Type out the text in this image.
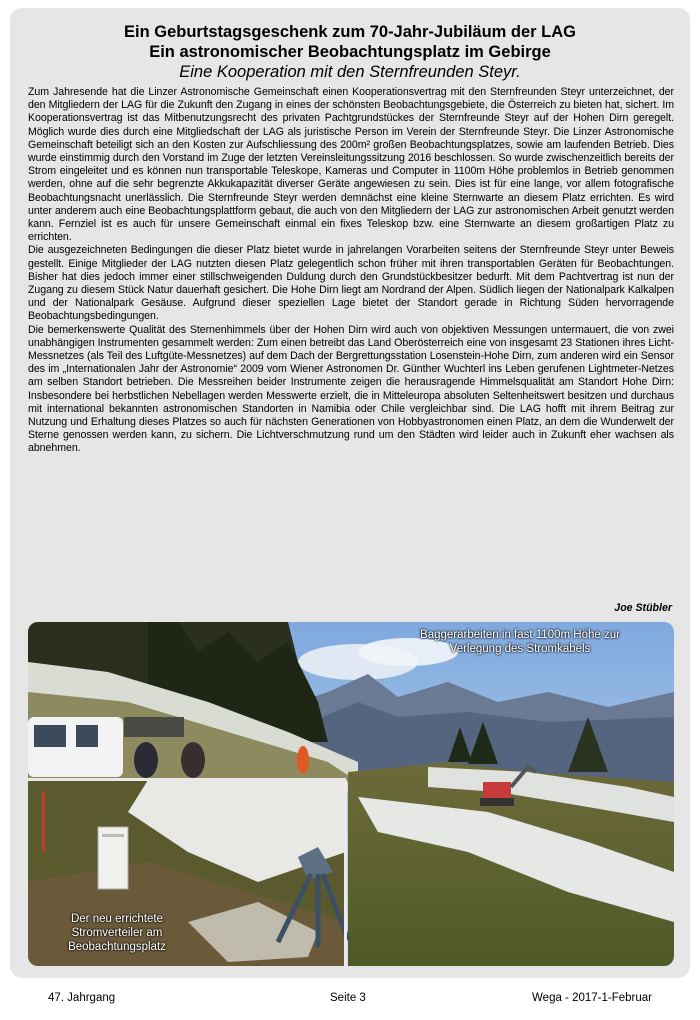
Ein Geburtstagsgeschenk zum 70-Jahr-Jubiläum der LAG
Ein astronomischer Beobachtungsplatz im Gebirge
Eine Kooperation mit den Sternfreunden Steyr.

Zum Jahresende hat die Linzer Astronomische Gemeinschaft einen Kooperationsvertrag mit den Sternfreunden Steyr unterzeichnet, der den Mitgliedern der LAG für die Zukunft den Zugang in eines der schönsten Beobachtungsgebiete, die Österreich zu bieten hat, sichert. Im Kooperationsvertrag ist das Mitbenutzungsrecht des privaten Pachtgrundstückes der Sternfreunde Steyr auf der Hohen Dirn geregelt. Möglich wurde dies durch eine Mitgliedschaft der LAG als juristische Person im Verein der Sternfreunde Steyr. Die Linzer Astronomische Gemeinschaft beteiligt sich an den Kosten zur Aufschliessung des 200m² großen Beobachtungsplatzes, sowie am laufenden Betrieb. Dies wurde einstimmig durch den Vorstand im Zuge der letzten Vereinsleitungssitzung 2016 beschlossen. So wurde zwischenzeitlich bereits der Strom eingeleitet und es können nun transportable Teleskope, Kameras und Computer in 1100m Höhe problemlos in Betrieb genommen werden, ohne auf die sehr begrenzte Akkukapazität diverser Geräte angewiesen zu sein. Dies ist für eine lange, vor allem fotografische Beobachtungsnacht unerlässlich. Die Sternfreunde Steyr werden demnächst eine kleine Sternwarte an diesem Platz errichten. Es wird unter anderem auch eine Beobachtungsplattform gebaut, die auch von den Mitgliedern der LAG zur astronomischen Arbeit genutzt werden kann. Fernziel ist es auch für unsere Gemeinschaft einmal ein fixes Teleskop bzw. eine Sternwarte an diesem großartigen Platz zu errichten.

Die ausgezeichneten Bedingungen die dieser Platz bietet wurde in jahrelangen Vorarbeiten seitens der Sternfreunde Steyr unter Beweis gestellt. Einige Mitglieder der LAG nutzten diesen Platz gelegentlich schon früher mit ihren transportablen Geräten für Beobachtungen. Bisher hat dies jedoch immer einer stillschweigenden Duldung durch den Grundstückbesitzer bedurft. Mit dem Pachtvertrag ist nun der Zugang zu diesem Stück Natur dauerhaft gesichert. Die Hohe Dirn liegt am Nordrand der Alpen. Südlich liegen der Nationalpark Kalkalpen und der Nationalpark Gesäuse. Aufgrund dieser speziellen Lage bietet der Standort gerade in Richtung Süden hervorragende Beobachtungsbedingungen.

Die bemerkenswerte Qualität des Sternenhimmels über der Hohen Dirn wird auch von objektiven Messungen untermauert, die von zwei unabhängigen Instrumenten gesammelt werden: Zum einen betreibt das Land Oberösterreich eine von insgesamt 23 Stationen ihres Licht-Messnetzes (als Teil des Luftgüte-Messnetzes) auf dem Dach der Bergrettungsstation Losenstein-Hohe Dirn, zum anderen wird ein Sensor des im „Internationalen Jahr der Astronomie“ 2009 vom Wiener Astronomen Dr. Günther Wuchterl ins Leben gerufenen Lightmeter-Netzes am selben Standort betrieben. Die Messreihen beider Instrumente zeigen die herausragende Himmelsqualität am Standort Hohe Dirn: Insbesondere bei herbstlichen Nebellagen werden Messwerte erzielt, die in Mitteleuropa absoluten Seltenheitswert besitzen und durchaus mit international bekannten astronomischen Standorten in Namibia oder Chile vergleichbar sind. Die LAG hofft mit ihrem Beitrag zur Nutzung und Erhaltung dieses Platzes so auch für nächsten Generationen von Hobbyastronomen einen Platz, an dem die Wunderwelt der Sterne genossen werden kann, zu sichern. Die Lichtverschmutzung rund um den Städten wird leider auch in Zukunft eher wachsen als abnehmen.

Joe Stübler
Baggerarbeiten in fast 1100m Höhe zur Verlegung des Stromkabels
Der neu errichtete Stromverteiler am Beobachtungsplatz
47. Jahrgang	Seite 3	Wega - 2017-1-Februar
